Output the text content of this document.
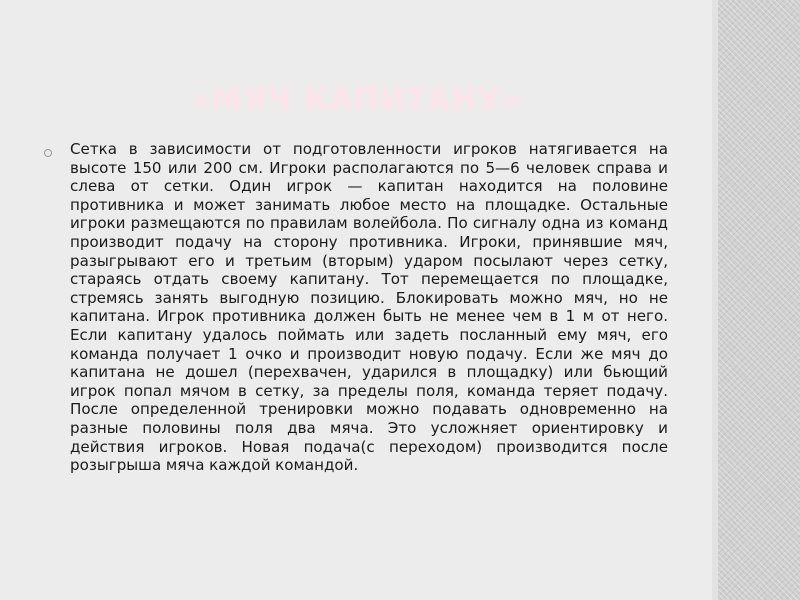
«МЯЧ КАПИТАНУ»

Сетка в зависимости от подготовленности игроков натягивается на высоте 150 или 200 см. Игроки располагаются по 5—6 человек справа и слева от сетки. Один игрок — капитан находится на половине противника и может занимать любое место на площадке. Остальные игроки размещаются по правилам волейбола. По сигналу одна из команд производит подачу на сторону противника. Игроки, принявшие мяч, разыгрывают его и третьим (вторым) ударом посылают через сетку, стараясь отдать своему капитану. Тот перемещается по площадке, стремясь занять выгодную позицию. Блокировать можно мяч, но не капитана. Игрок противника должен быть не менее чем в 1 м от него. Если капитану удалось поймать или задеть посланный ему мяч, его команда получает 1 очко и производит новую подачу. Если же мяч до капитана не дошел (перехвачен, ударился в площадку) или бьющий игрок попал мячом в сетку, за пределы поля, команда теряет подачу. После определенной тренировки можно подавать одновременно на разные половины поля два мяча. Это усложняет ориентировку и действия игроков. Новая подача(с переходом) производится после розыгрыша мяча каждой командой.
